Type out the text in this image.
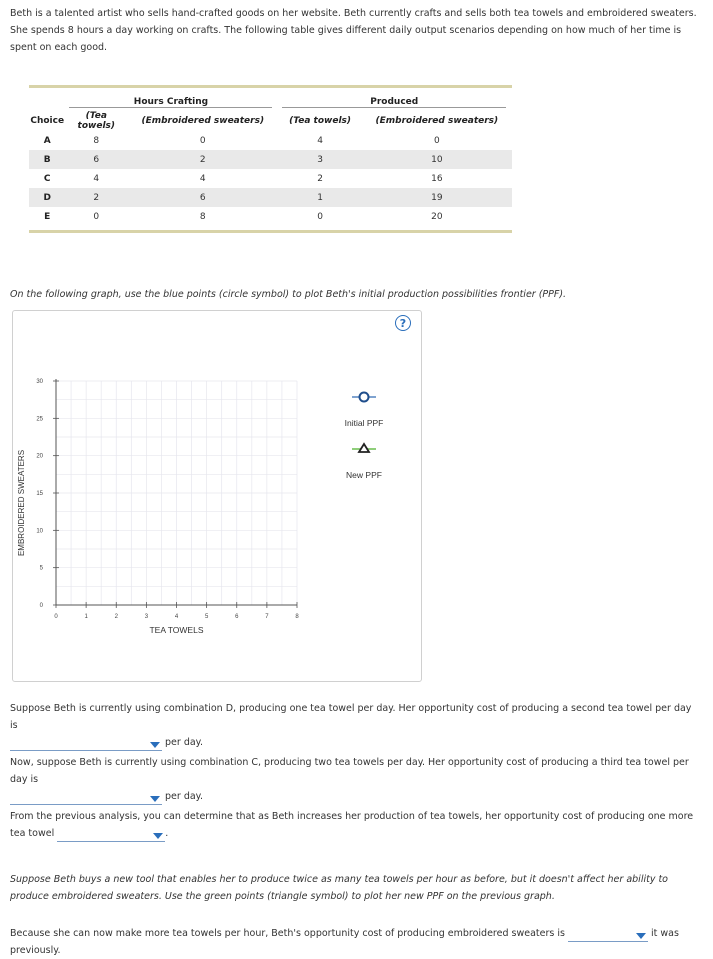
Beth is a talented artist who sells hand-crafted goods on her website. Beth currently crafts and sells both tea towels and embroidered sweaters. She spends 8 hours a day working on crafts. The following table gives different daily output scenarios depending on how much of her time is spent on each good.

	Hours Crafting		Produced	

Choice	(Tea towels)	(Embroidered sweaters)	(Tea towels)	(Embroidered sweaters)
A	8	0	4	0
B	6	2	3	10
C	4	4	2	16
D	2	6	1	19
E	0	8	0	20

On the following graph, use the blue points (circle symbol) to plot Beth's initial production possibilities frontier (PPF).

?
0	1	2	3	4	5	6	7	8
0
5
10
15
20
25
30
TEA TOWELS
EMBROIDERED SWEATERS
Initial PPF
New PPF

Suppose Beth is currently using combination D, producing one tea towel per day. Her opportunity cost of producing a second tea towel per day is

per day.

Now, suppose Beth is currently using combination C, producing two tea towels per day. Her opportunity cost of producing a third tea towel per day is

per day.

From the previous analysis, you can determine that as Beth increases her production of tea towels, her opportunity cost of producing one more tea towel	.

Suppose Beth buys a new tool that enables her to produce twice as many tea towels per hour as before, but it doesn't affect her ability to produce embroidered sweaters. Use the green points (triangle symbol) to plot her new PPF on the previous graph.

Because she can now make more tea towels per hour, Beth's opportunity cost of producing embroidered sweaters is	it was previously.
